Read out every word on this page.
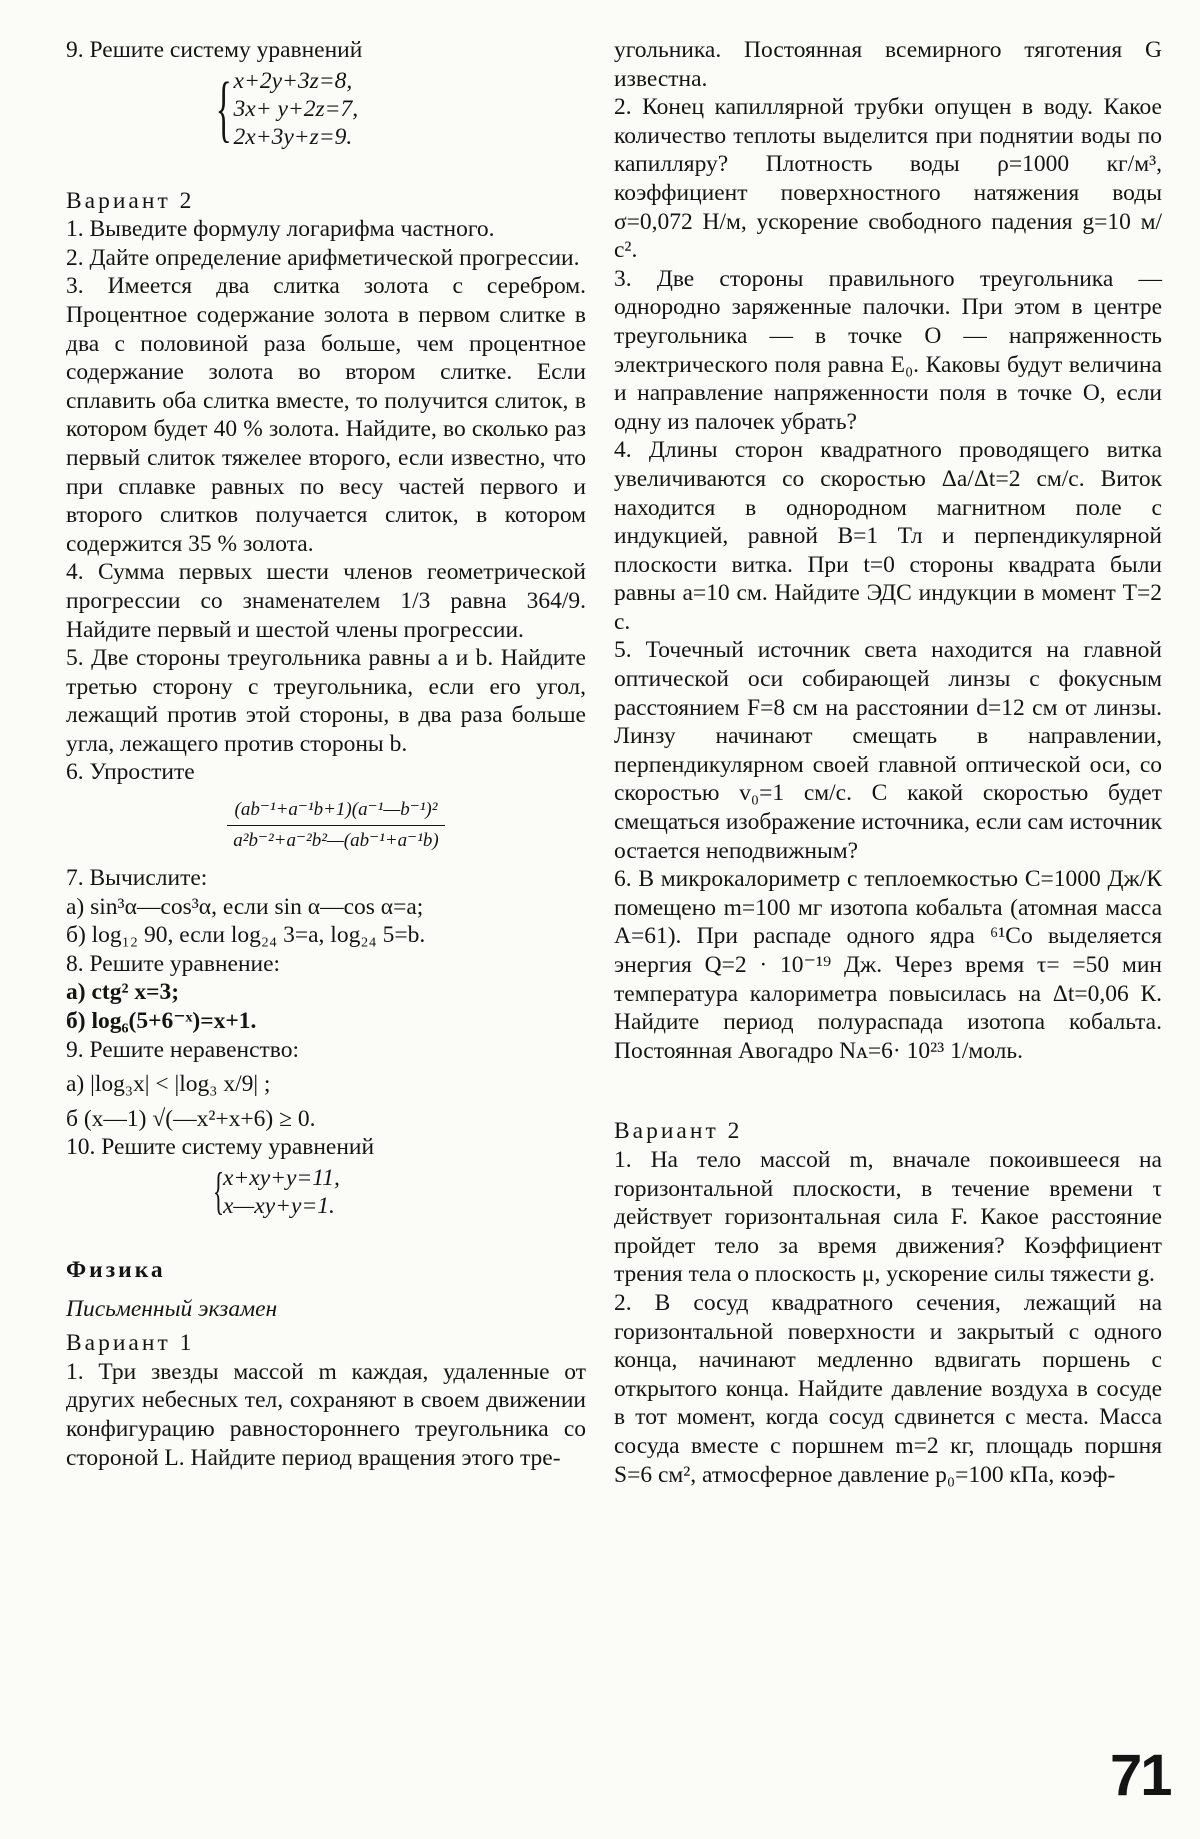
9. Решите систему уравнений

{ x+2y+3z=8,
3x+ y+2z=7,
2x+3y+z=9.

Вариант 2

1. Выведите формулу логарифма частного.

2. Дайте определение арифметической прогрессии.

3. Имеется два слитка золота с серебром. Процентное содержание золота в первом слитке в два с половиной раза больше, чем процентное содержание золота во втором слитке. Если сплавить оба слитка вместе, то получится слиток, в котором будет 40 % золота. Найдите, во сколько раз первый слиток тяжелее второго, если известно, что при сплавке равных по весу частей первого и второго слитков получается слиток, в котором содержится 35 % золота.

4. Сумма первых шести членов геометрической прогрессии со знаменателем 1/3 равна 364/9. Найдите первый и шестой члены прогрессии.

5. Две стороны треугольника равны a и b. Найдите третью сторону c треугольника, если его угол, лежащий против этой стороны, в два раза больше угла, лежащего против стороны b.

6. Упростите

(ab⁻¹+a⁻¹b+1)(a⁻¹—b⁻¹)²
a²b⁻²+a⁻²b²—(ab⁻¹+a⁻¹b)

7. Вычислите:

а) sin³α—cos³α, если sin α—cos α=a;

б) log₁₂ 90, если log₂₄ 3=a, log₂₄ 5=b.

8. Решите уравнение:

а) ctg² x=3;

б) log₆(5+6⁻ˣ)=x+1.

9. Решите неравенство:

а) |log₃x| < |log₃ x/9| ;

б (x—1) √(—x²+x+6) ≥ 0.

10. Решите систему уравнений

{
x+xy+y=11,
x—xy+y=1.

Физика

Письменный экзамен

Вариант 1

1. Три звезды массой m каждая, удаленные от других небесных тел, сохраняют в своем движении конфигурацию равностороннего треугольника со стороной L. Найдите период вращения этого тре-

угольника. Постоянная всемирного тяготения G известна.

2. Конец капиллярной трубки опущен в воду. Какое количество теплоты выделится при поднятии воды по капилляру? Плотность воды ρ=1000 кг/м³, коэффициент поверхностного натяжения воды σ=0,072 Н/м, ускорение свободного падения g=10 м/с².

3. Две стороны правильного треугольника — однородно заряженные палочки. При этом в центре треугольника — в точке O — напряженность электрического поля равна E₀. Каковы будут величина и направление напряженности поля в точке O, если одну из палочек убрать?

4. Длины сторон квадратного проводящего витка увеличиваются со скоростью Δa/Δt=2 см/с. Виток находится в однородном магнитном поле с индукцией, равной B=1 Тл и перпендикулярной плоскости витка. При t=0 стороны квадрата были равны a=10 см. Найдите ЭДС индукции в момент T=2 с.

5. Точечный источник света находится на главной оптической оси собирающей линзы с фокусным расстоянием F=8 см на расстоянии d=12 см от линзы. Линзу начинают смещать в направлении, перпендикулярном своей главной оптической оси, со скоростью v₀=1 см/с. С какой скоростью будет смещаться изображение источника, если сам источник остается неподвижным?

6. В микрокалориметр с теплоемкостью C=1000 Дж/К помещено m=100 мг изотопа кобальта (атомная масса A=61). При распаде одного ядра ⁶¹Co выделяется энергия Q=2 · 10⁻¹⁹ Дж. Через время τ= =50 мин температура калориметра повысилась на Δt=0,06 К. Найдите период полураспада изотопа кобальта. Постоянная Авогадро Nᴀ=6· 10²³ 1/моль.

Вариант 2

1. На тело массой m, вначале покоившееся на горизонтальной плоскости, в течение времени τ действует горизонтальная сила F. Какое расстояние пройдет тело за время движения? Коэффициент трения тела о плоскость μ, ускорение силы тяжести g.

2. В сосуд квадратного сечения, лежащий на горизонтальной поверхности и закрытый с одного конца, начинают медленно вдвигать поршень с открытого конца. Найдите давление воздуха в сосуде в тот момент, когда сосуд сдвинется с места. Масса сосуда вместе с поршнем m=2 кг, площадь поршня S=6 см², атмосферное давление p₀=100 кПа, коэф-

71
